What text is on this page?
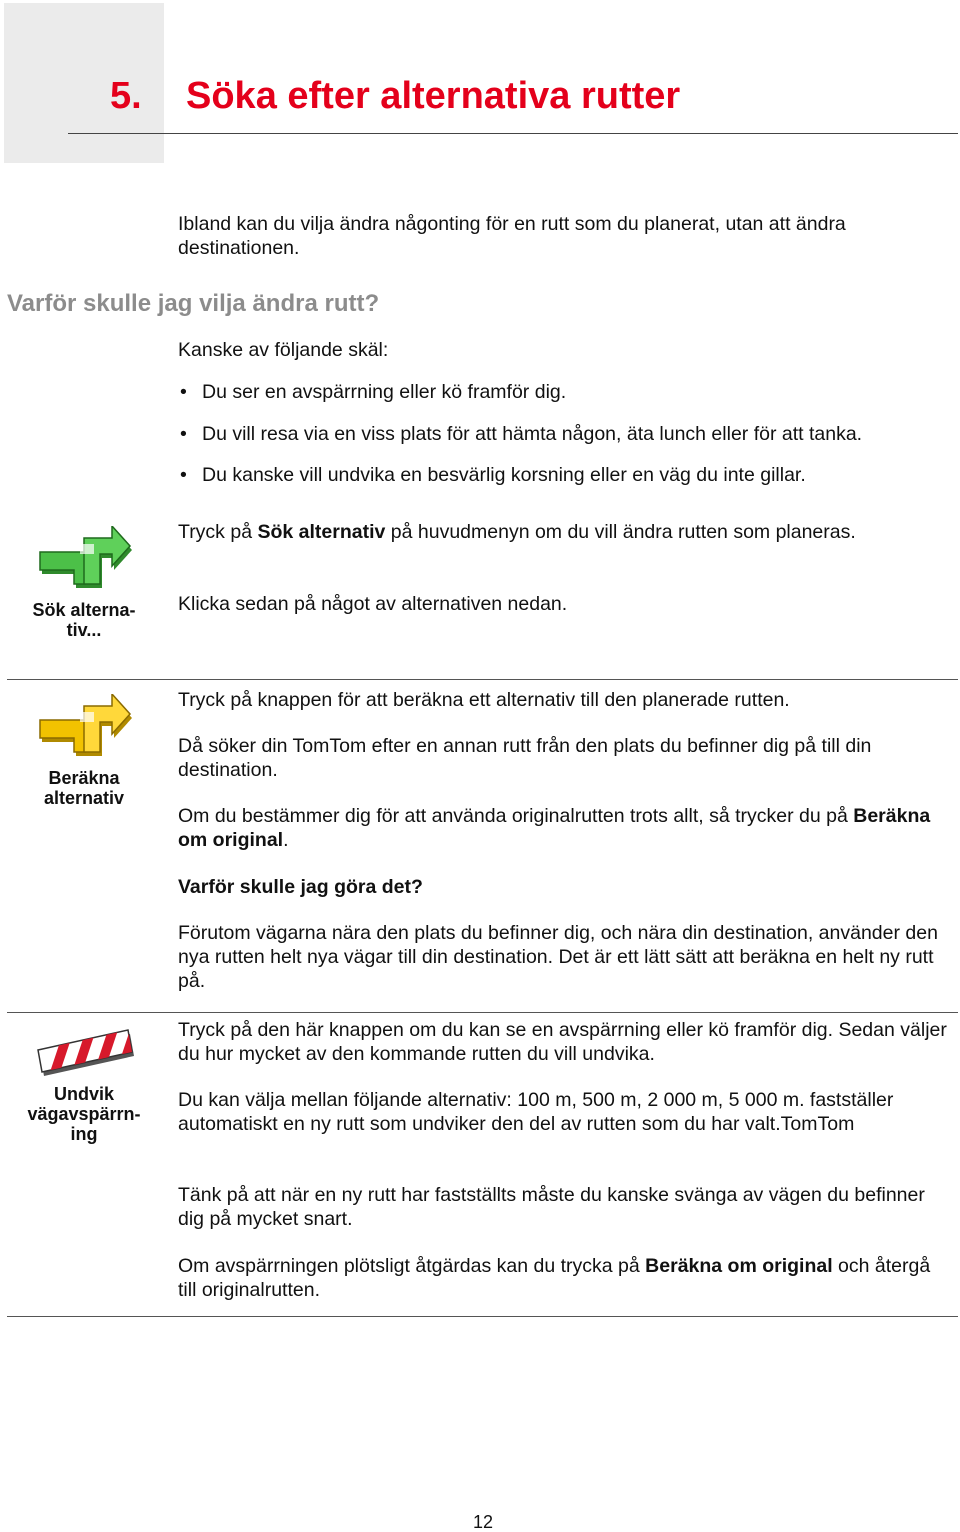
5. Söka efter alternativa rutter
Ibland kan du vilja ändra någonting för en rutt som du planerat, utan att ändra destinationen.
Varför skulle jag vilja ändra rutt?
Kanske av följande skäl:
• Du ser en avspärrning eller kö framför dig.
• Du vill resa via en viss plats för att hämta någon, äta lunch eller för att tanka.
• Du kanske vill undvika en besvärlig korsning eller en väg du inte gillar.
Sök alterna-
tiv...
Tryck på Sök alternativ på huvudmenyn om du vill ändra rutten som planeras.
Klicka sedan på något av alternativen nedan.
Beräkna
alternativ
Tryck på knappen för att beräkna ett alternativ till den planerade rutten.
Då söker din TomTom efter en annan rutt från den plats du befinner dig på till din destination.
Om du bestämmer dig för att använda originalrutten trots allt, så trycker du på Beräkna om original.
Varför skulle jag göra det?
Förutom vägarna nära den plats du befinner dig, och nära din destination, använder den nya rutten helt nya vägar till din destination. Det är ett lätt sätt att beräkna en helt ny rutt på.
Undvik
vägavspärrn-
ing
Tryck på den här knappen om du kan se en avspärrning eller kö framför dig. Sedan väljer du hur mycket av den kommande rutten du vill undvika.
Du kan välja mellan följande alternativ: 100 m, 500 m, 2 000 m, 5 000 m. fastställer automatiskt en ny rutt som undviker den del av rutten som du har valt.TomTom
Tänk på att när en ny rutt har fastställts måste du kanske svänga av vägen du befinner dig på mycket snart.
Om avspärrningen plötsligt åtgärdas kan du trycka på Beräkna om original och återgå till originalrutten.
12
